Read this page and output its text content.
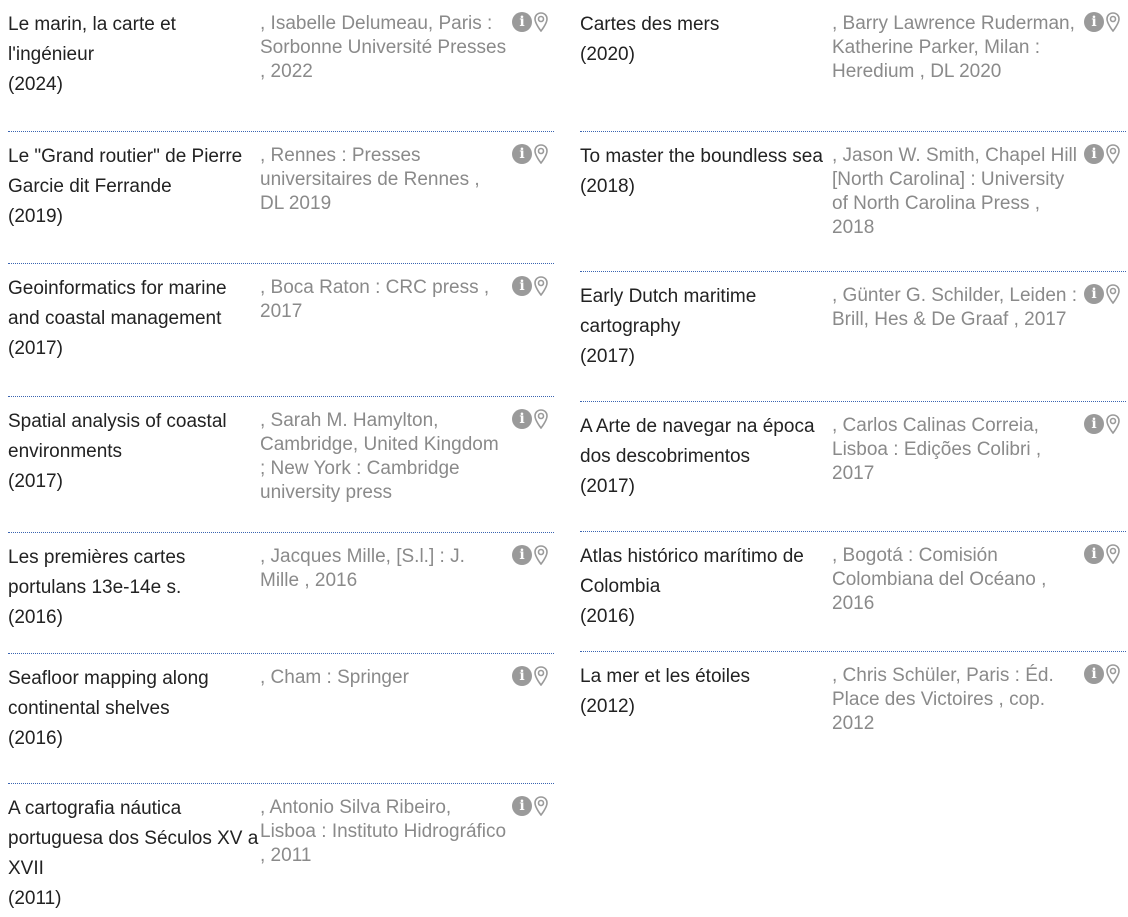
Le marin, la carte et l'ingénieur
(2024)
, Isabelle Delumeau, Paris : Sorbonne Université Presses , 2022
i
Le "Grand routier" de Pierre Garcie dit Ferrande
(2019)
, Rennes : Presses universitaires de Rennes , DL 2019
i
Geoinformatics for marine and coastal management
(2017)
, Boca Raton : CRC press , 2017
i
Spatial analysis of coastal environments
(2017)
, Sarah M. Hamylton, Cambridge, United Kingdom ; New York : Cambridge university press
i
Les premières cartes portulans 13e-14e s.
(2016)
, Jacques Mille, [S.l.] : J. Mille , 2016
i
Seafloor mapping along continental shelves
(2016)
, Cham : Springer	i
A cartografia náutica portuguesa dos Séculos XV a XVII
(2011)
, Antonio Silva Ribeiro, Lisboa : Instituto Hidrográfico , 2011
i
Cartes des mers
(2020)
, Barry Lawrence Ruderman, Katherine Parker, Milan : Heredium , DL 2020
i
To master the boundless sea
(2018)
, Jason W. Smith, Chapel Hill [North Carolina] : University of North Carolina Press , 2018
i
Early Dutch maritime cartography
(2017)
, Günter G. Schilder, Leiden : Brill, Hes & De Graaf , 2017
i
A Arte de navegar na época dos descobrimentos
(2017)
, Carlos Calinas Correia, Lisboa : Edições Colibri , 2017
i
Atlas histórico marítimo de Colombia
(2016)
, Bogotá : Comisión Colombiana del Océano , 2016
i
La mer et les étoiles
(2012)
, Chris Schüler, Paris : Éd. Place des Victoires , cop. 2012
i
